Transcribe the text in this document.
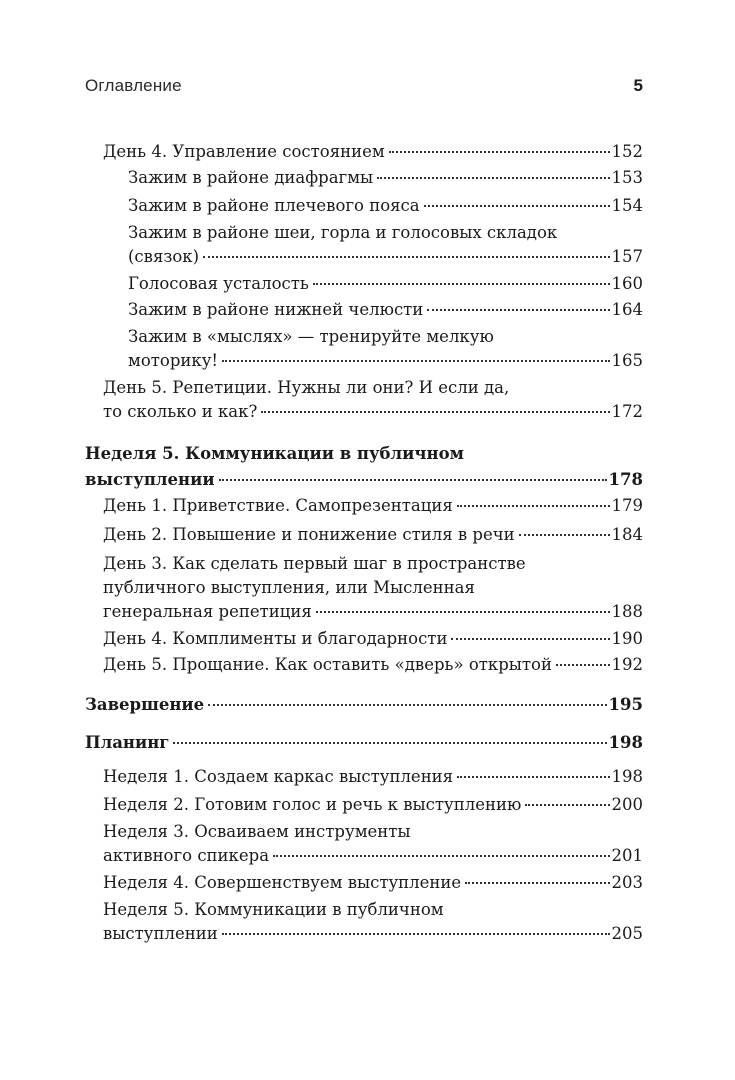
Оглавление	5
День 4. Управление состоянием	152
Зажим в районе диафрагмы	153
Зажим в районе плечевого пояса	154
Зажим в районе шеи, горла и голосовых складок
(связок)	157
Голосовая усталость	160
Зажим в районе нижней челюсти	164
Зажим в «мыслях» — тренируйте мелкую
моторику!	165
День 5. Репетиции. Нужны ли они? И если да,
то сколько и как?	172
Неделя 5. Коммуникации в публичном
выступлении	178
День 1. Приветствие. Самопрезентация	179
День 2. Повышение и понижение стиля в речи	184
День 3. Как сделать первый шаг в пространстве
публичного выступления, или Мысленная
генеральная репетиция	188
День 4. Комплименты и благодарности	190
День 5. Прощание. Как оставить «дверь» открытой	192
Завершение	195
Планинг	198
Неделя 1. Создаем каркас выступления	198
Неделя 2. Готовим голос и речь к выступлению	200
Неделя 3. Осваиваем инструменты
активного спикера	201
Неделя 4. Совершенствуем выступление	203
Неделя 5. Коммуникации в публичном
выступлении	205
